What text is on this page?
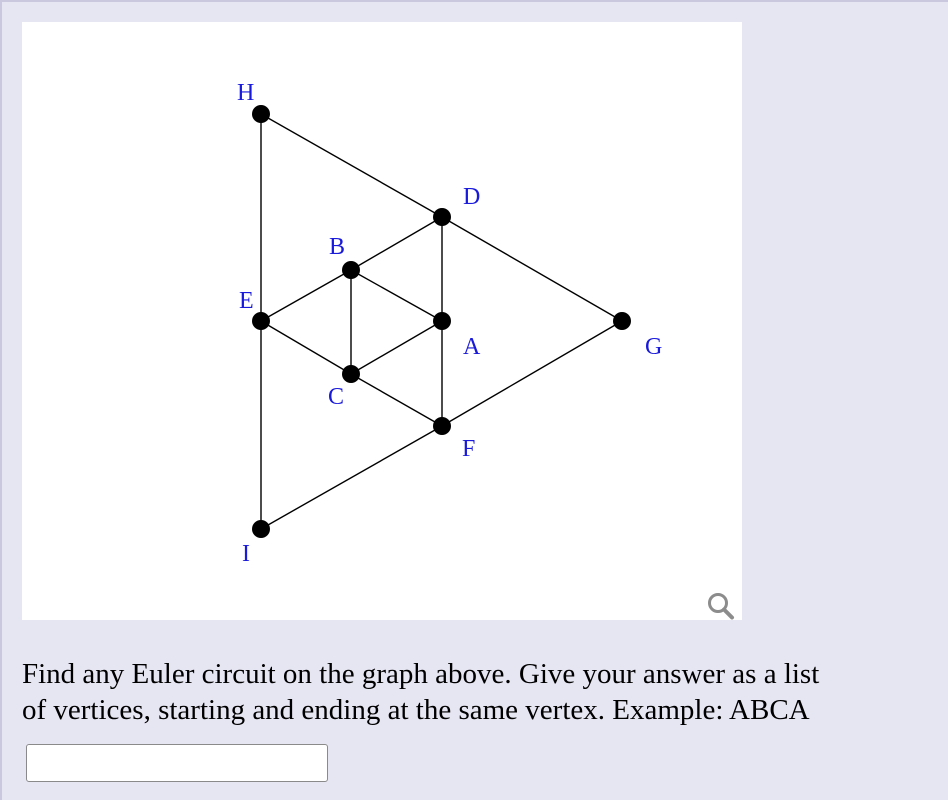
A
B
C
D
E
F
G
H
I

Find any Euler circuit on the graph above. Give your answer as a list
of vertices, starting and ending at the same vertex. Example: ABCA
